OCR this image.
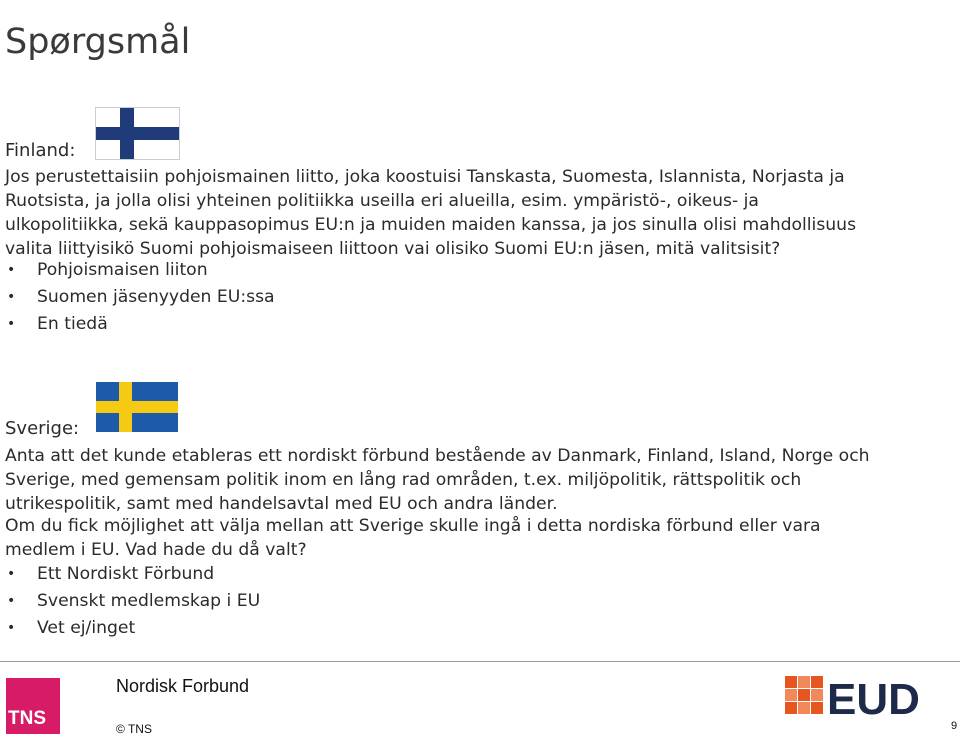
Spørgsmål
Finland:

Jos perustettaisiin pohjoismainen liitto, joka koostuisi Tanskasta, Suomesta, Islannista, Norjasta ja
Ruotsista, ja jolla olisi yhteinen politiikka useilla eri alueilla, esim. ympäristö-, oikeus- ja
ulkopolitiikka, sekä kauppasopimus EU:n ja muiden maiden kanssa, ja jos sinulla olisi mahdollisuus
valita liittyisikö Suomi pohjoismaiseen liittoon vai olisiko Suomi EU:n jäsen, mitä valitsisit?

• Pohjoismaisen liiton
• Suomen jäsenyyden EU:ssa
• En tiedä
Sverige:

Anta att det kunde etableras ett nordiskt förbund bestående av Danmark, Finland, Island, Norge och
Sverige, med gemensam politik inom en lång rad områden, t.ex. miljöpolitik, rättspolitik och
utrikespolitik, samt med handelsavtal med EU och andra länder.

Om du fick möjlighet att välja mellan att Sverige skulle ingå i detta nordiska förbund eller vara
medlem i EU. Vad hade du då valt?

• Ett Nordiskt Förbund
• Svenskt medlemskap i EU
• Vet ej/inget
TNS
Nordisk Forbund
© TNS
EUD
9
